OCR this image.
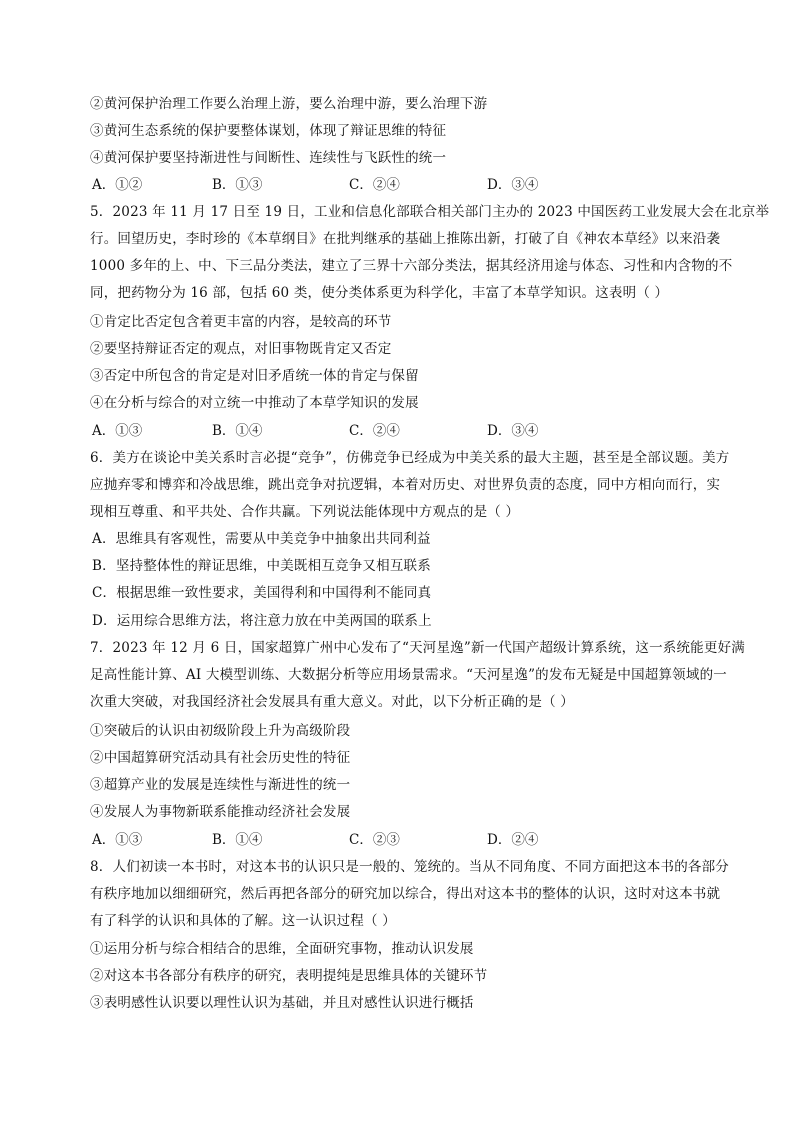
②黄河保护治理工作要么治理上游，要么治理中游，要么治理下游
③黄河生态系统的保护要整体谋划，体现了辩证思维的特征
④黄河保护要坚持渐进性与间断性、连续性与飞跃性的统一
A．①②	B．①③	C．②④	D．③④
5．2023 年 11 月 17 日至 19 日，工业和信息化部联合相关部门主办的 2023 中国医药工业发展大会在北京举
行。回望历史，李时珍的《本草纲目》在批判继承的基础上推陈出新，打破了自《神农本草经》以来沿袭
1000 多年的上、中、下三品分类法，建立了三界十六部分类法，据其经济用途与体态、习性和内含物的不
同，把药物分为 16 部，包括 60 类，使分类体系更为科学化，丰富了本草学知识。这表明（ ）
①肯定比否定包含着更丰富的内容，是较高的环节
②要坚持辩证否定的观点，对旧事物既肯定又否定
③否定中所包含的肯定是对旧矛盾统一体的肯定与保留
④在分析与综合的对立统一中推动了本草学知识的发展
A．①③	B．①④	C．②④	D．③④
6．美方在谈论中美关系时言必提“竞争”，仿佛竞争已经成为中美关系的最大主题，甚至是全部议题。美方
应抛弃零和博弈和冷战思维，跳出竞争对抗逻辑，本着对历史、对世界负责的态度，同中方相向而行，实
现相互尊重、和平共处、合作共赢。下列说法能体现中方观点的是（ ）
A．思维具有客观性，需要从中美竞争中抽象出共同利益
B．坚持整体性的辩证思维，中美既相互竞争又相互联系
C．根据思维一致性要求，美国得利和中国得利不能同真
D．运用综合思维方法，将注意力放在中美两国的联系上
7．2023 年 12 月 6 日，国家超算广州中心发布了“天河星逸”新一代国产超级计算系统，这一系统能更好满
足高性能计算、AI 大模型训练、大数据分析等应用场景需求。“天河星逸”的发布无疑是中国超算领域的一
次重大突破，对我国经济社会发展具有重大意义。对此，以下分析正确的是（ ）
①突破后的认识由初级阶段上升为高级阶段
②中国超算研究活动具有社会历史性的特征
③超算产业的发展是连续性与渐进性的统一
④发展人为事物新联系能推动经济社会发展
A．①③	B．①④	C．②③	D．②④
8．人们初读一本书时，对这本书的认识只是一般的、笼统的。当从不同角度、不同方面把这本书的各部分
有秩序地加以细细研究，然后再把各部分的研究加以综合，得出对这本书的整体的认识，这时对这本书就
有了科学的认识和具体的了解。这一认识过程（ ）
①运用分析与综合相结合的思维，全面研究事物，推动认识发展
②对这本书各部分有秩序的研究，表明提纯是思维具体的关键环节
③表明感性认识要以理性认识为基础，并且对感性认识进行概括
